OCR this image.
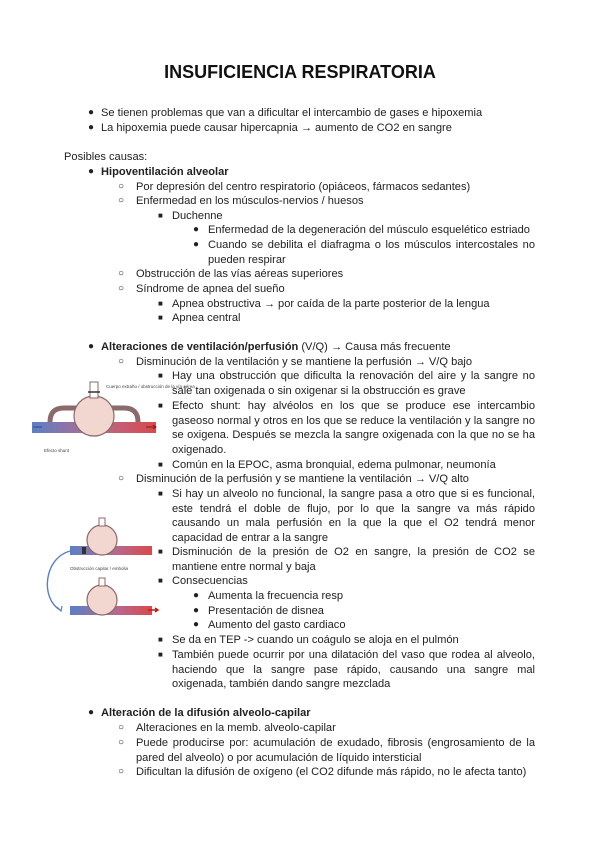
INSUFICIENCIA RESPIRATORIA
● Se tienen problemas que van a dificultar el intercambio de gases e hipoxemia
● La hipoxemia puede causar hipercapnia → aumento de CO2 en sangre
Posibles causas:
● Hipoventilación alveolar
○ Por depresión del centro respiratorio (opiáceos, fármacos sedantes)
○ Enfermedad en los músculos-nervios / huesos
■ Duchenne
● Enfermedad de la degeneración del músculo esquelético estriado
● Cuando se debilita el diafragma o los músculos intercostales no pueden respirar
○ Obstrucción de las vías aéreas superiores
○ Síndrome de apnea del sueño
■ Apnea obstructiva → por caída de la parte posterior de la lengua
■ Apnea central
● Alteraciones de ventilación/perfusión (V/Q) → Causa más frecuente
○ Disminución de la ventilación y se mantiene la perfusión → V/Q bajo
■ Hay una obstrucción que dificulta la renovación del aire y la sangre no sale tan oxigenada o sin oxigenar si la obstrucción es grave
■ Efecto shunt: hay alvéolos en los que se produce ese intercambio gaseoso normal y otros en los que se reduce la ventilación y la sangre no se oxigena. Después se mezcla la sangre oxigenada con la que no se ha oxigenado.
■ Común en la EPOC, asma bronquial, edema pulmonar, neumonía
○ Disminución de la perfusión y se mantiene la ventilación → V/Q alto
■ Si hay un alveolo no funcional, la sangre pasa a otro que si es funcional, este tendrá el doble de flujo, por lo que la sangre va más rápido causando un mala perfusión en la que la que el O2 tendrá menor capacidad de entrar a la sangre
■ Disminución de la presión de O2 en sangre, la presión de CO2 se mantiene entre normal y baja
■ Consecuencias
● Aumenta la frecuencia resp
● Presentación de disnea
● Aumento del gasto cardiaco
■ Se da en TEP -> cuando un coágulo se aloja en el pulmón
■ También puede ocurrir por una dilatación del vaso que rodea al alveolo, haciendo que la sangre pase rápido, causando una sangre mal oxigenada, también dando sangre mezclada
● Alteración de la difusión alveolo-capilar
○ Alteraciones en la memb. alveolo-capilar
○ Puede producirse por: acumulación de exudado, fibrosis (engrosamiento de la pared del alveolo) o por acumulación de líquido intersticial
○ Dificultan la difusión de oxígeno (el CO2 difunde más rápido, no le afecta tanto)
Efecto shunt
Cuerpo extraño / obstrucción de la vía aérea
Obstrucción capilar / embolia
